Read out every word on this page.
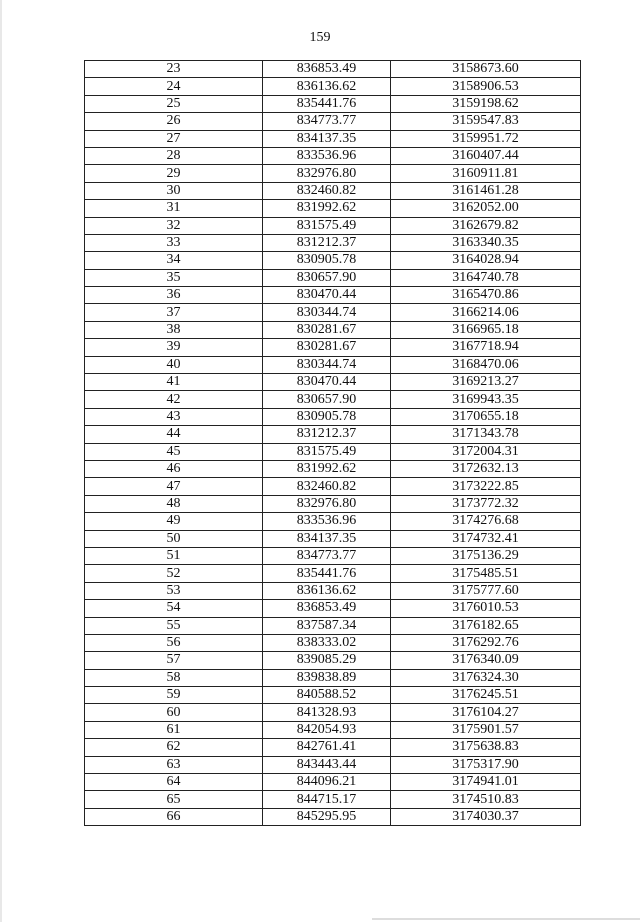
159
23	836853.49	3158673.60
24	836136.62	3158906.53
25	835441.76	3159198.62
26	834773.77	3159547.83
27	834137.35	3159951.72
28	833536.96	3160407.44
29	832976.80	3160911.81
30	832460.82	3161461.28
31	831992.62	3162052.00
32	831575.49	3162679.82
33	831212.37	3163340.35
34	830905.78	3164028.94
35	830657.90	3164740.78
36	830470.44	3165470.86
37	830344.74	3166214.06
38	830281.67	3166965.18
39	830281.67	3167718.94
40	830344.74	3168470.06
41	830470.44	3169213.27
42	830657.90	3169943.35
43	830905.78	3170655.18
44	831212.37	3171343.78
45	831575.49	3172004.31
46	831992.62	3172632.13
47	832460.82	3173222.85
48	832976.80	3173772.32
49	833536.96	3174276.68
50	834137.35	3174732.41
51	834773.77	3175136.29
52	835441.76	3175485.51
53	836136.62	3175777.60
54	836853.49	3176010.53
55	837587.34	3176182.65
56	838333.02	3176292.76
57	839085.29	3176340.09
58	839838.89	3176324.30
59	840588.52	3176245.51
60	841328.93	3176104.27
61	842054.93	3175901.57
62	842761.41	3175638.83
63	843443.44	3175317.90
64	844096.21	3174941.01
65	844715.17	3174510.83
66	845295.95	3174030.37
